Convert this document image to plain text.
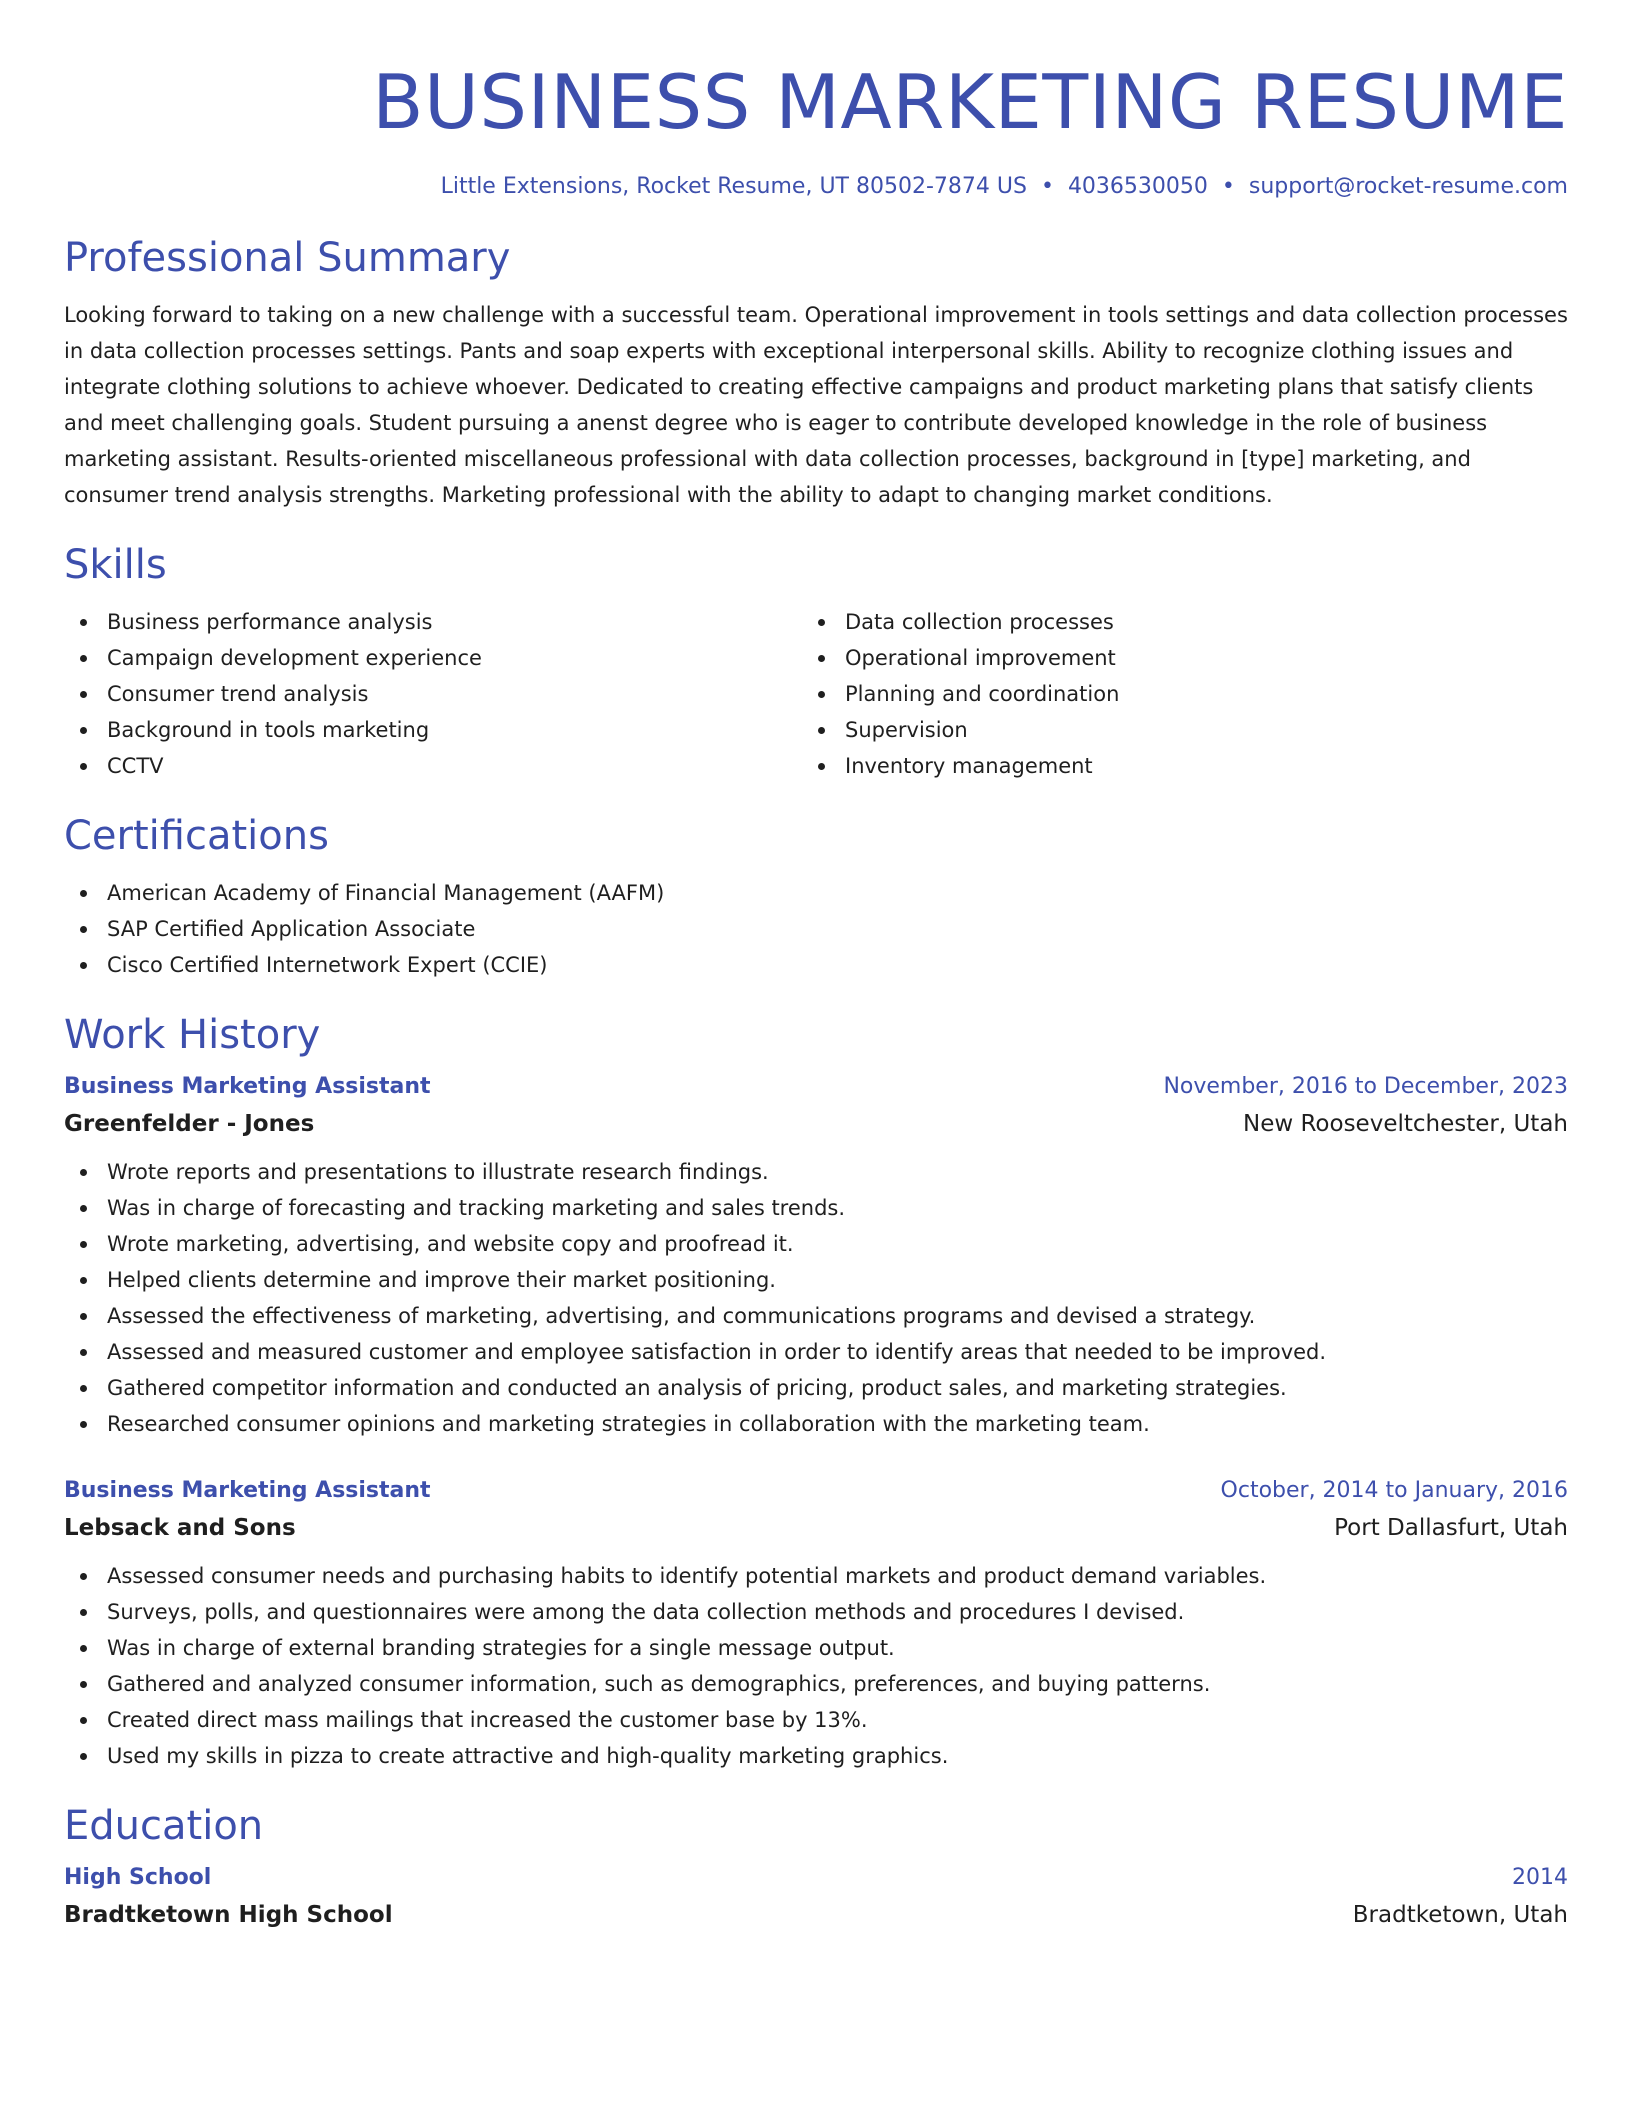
BUSINESS MARKETING RESUME
Little Extensions, Rocket Resume, UT 80502-7874 US • 4036530050 • support@rocket-resume.com
Professional Summary

Looking forward to taking on a new challenge with a successful team. Operational improvement in tools settings and data collection processes in data collection processes settings. Pants and soap experts with exceptional interpersonal skills. Ability to recognize clothing issues and integrate clothing solutions to achieve whoever. Dedicated to creating effective campaigns and product marketing plans that satisfy clients and meet challenging goals. Student pursuing a anenst degree who is eager to contribute developed knowledge in the role of business marketing assistant. Results-oriented miscellaneous professional with data collection processes, background in [type] marketing, and consumer trend analysis strengths. Marketing professional with the ability to adapt to changing market conditions.

Skills
Business performance analysis
Campaign development experience
Consumer trend analysis
Background in tools marketing
CCTV
Data collection processes
Operational improvement
Planning and coordination
Supervision
Inventory management
Certifications
American Academy of Financial Management (AAFM)
SAP Certified Application Associate
Cisco Certified Internetwork Expert (CCIE)
Work History
Business Marketing Assistant	November, 2016 to December, 2023
Greenfelder - Jones	New Rooseveltchester, Utah
Wrote reports and presentations to illustrate research findings.
Was in charge of forecasting and tracking marketing and sales trends.
Wrote marketing, advertising, and website copy and proofread it.
Helped clients determine and improve their market positioning.
Assessed the effectiveness of marketing, advertising, and communications programs and devised a strategy.
Assessed and measured customer and employee satisfaction in order to identify areas that needed to be improved.
Gathered competitor information and conducted an analysis of pricing, product sales, and marketing strategies.
Researched consumer opinions and marketing strategies in collaboration with the marketing team.
Business Marketing Assistant	October, 2014 to January, 2016
Lebsack and Sons	Port Dallasfurt, Utah
Assessed consumer needs and purchasing habits to identify potential markets and product demand variables.
Surveys, polls, and questionnaires were among the data collection methods and procedures I devised.
Was in charge of external branding strategies for a single message output.
Gathered and analyzed consumer information, such as demographics, preferences, and buying patterns.
Created direct mass mailings that increased the customer base by 13%.
Used my skills in pizza to create attractive and high-quality marketing graphics.
Education
High School	2014
Bradtketown High School	Bradtketown, Utah
